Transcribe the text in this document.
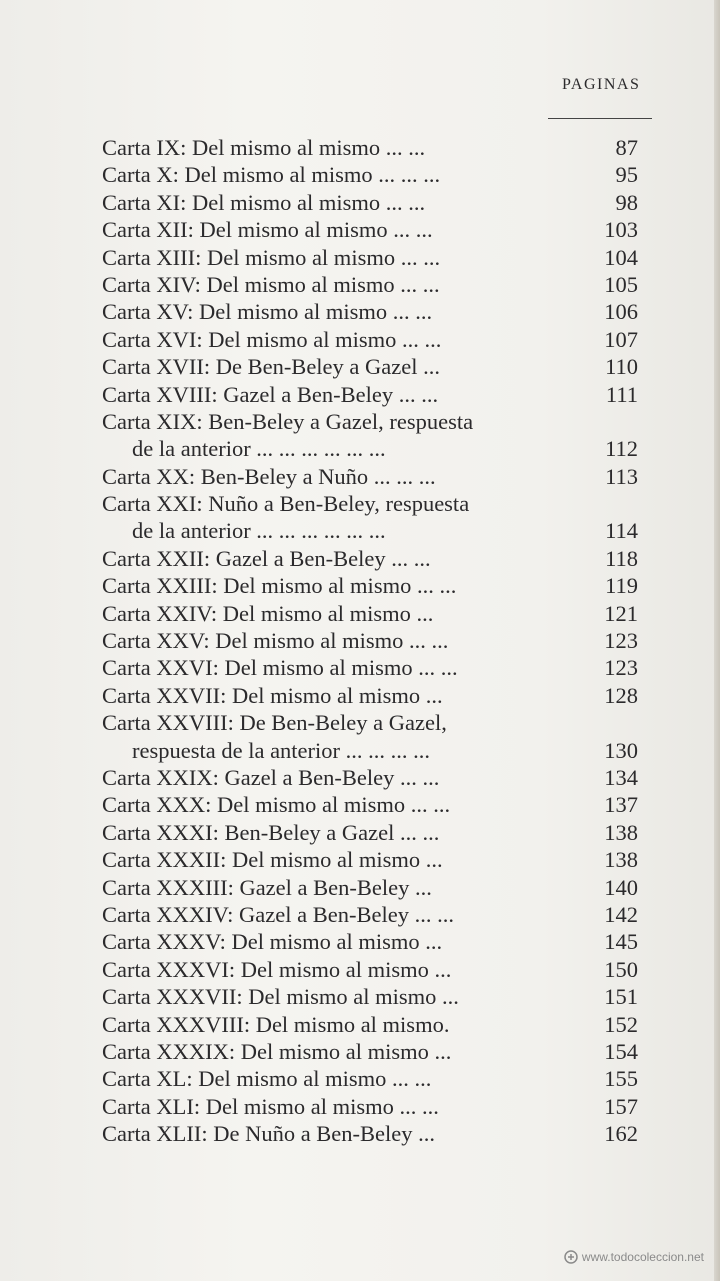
PAGINAS
Carta IX: Del mismo al mismo ... ...	87
Carta X: Del mismo al mismo ... ... ...	95
Carta XI: Del mismo al mismo ... ...	98
Carta XII: Del mismo al mismo ... ...	103
Carta XIII: Del mismo al mismo ... ...	104
Carta XIV: Del mismo al mismo ... ...	105
Carta XV: Del mismo al mismo ... ...	106
Carta XVI: Del mismo al mismo ... ...	107
Carta XVII: De Ben-Beley a Gazel ...	110
Carta XVIII: Gazel a Ben-Beley ... ...	111
Carta XIX: Ben-Beley a Gazel, respuesta
de la anterior ... ... ... ... ... ...	112
Carta XX: Ben-Beley a Nuño ... ... ...	113
Carta XXI: Nuño a Ben-Beley, respuesta
de la anterior ... ... ... ... ... ...	114
Carta XXII: Gazel a Ben-Beley ... ...	118
Carta XXIII: Del mismo al mismo ... ...	119
Carta XXIV: Del mismo al mismo ...	121
Carta XXV: Del mismo al mismo ... ...	123
Carta XXVI: Del mismo al mismo ... ...	123
Carta XXVII: Del mismo al mismo ...	128
Carta XXVIII: De Ben-Beley a Gazel,
respuesta de la anterior ... ... ... ...	130
Carta XXIX: Gazel a Ben-Beley ... ...	134
Carta XXX: Del mismo al mismo ... ...	137
Carta XXXI: Ben-Beley a Gazel ... ...	138
Carta XXXII: Del mismo al mismo ...	138
Carta XXXIII: Gazel a Ben-Beley ...	140
Carta XXXIV: Gazel a Ben-Beley ... ...	142
Carta XXXV: Del mismo al mismo ...	145
Carta XXXVI: Del mismo al mismo ...	150
Carta XXXVII: Del mismo al mismo ...	151
Carta XXXVIII: Del mismo al mismo.	152
Carta XXXIX: Del mismo al mismo ...	154
Carta XL: Del mismo al mismo ... ...	155
Carta XLI: Del mismo al mismo ... ...	157
Carta XLII: De Nuño a Ben-Beley ...	162
www.todocoleccion.net
